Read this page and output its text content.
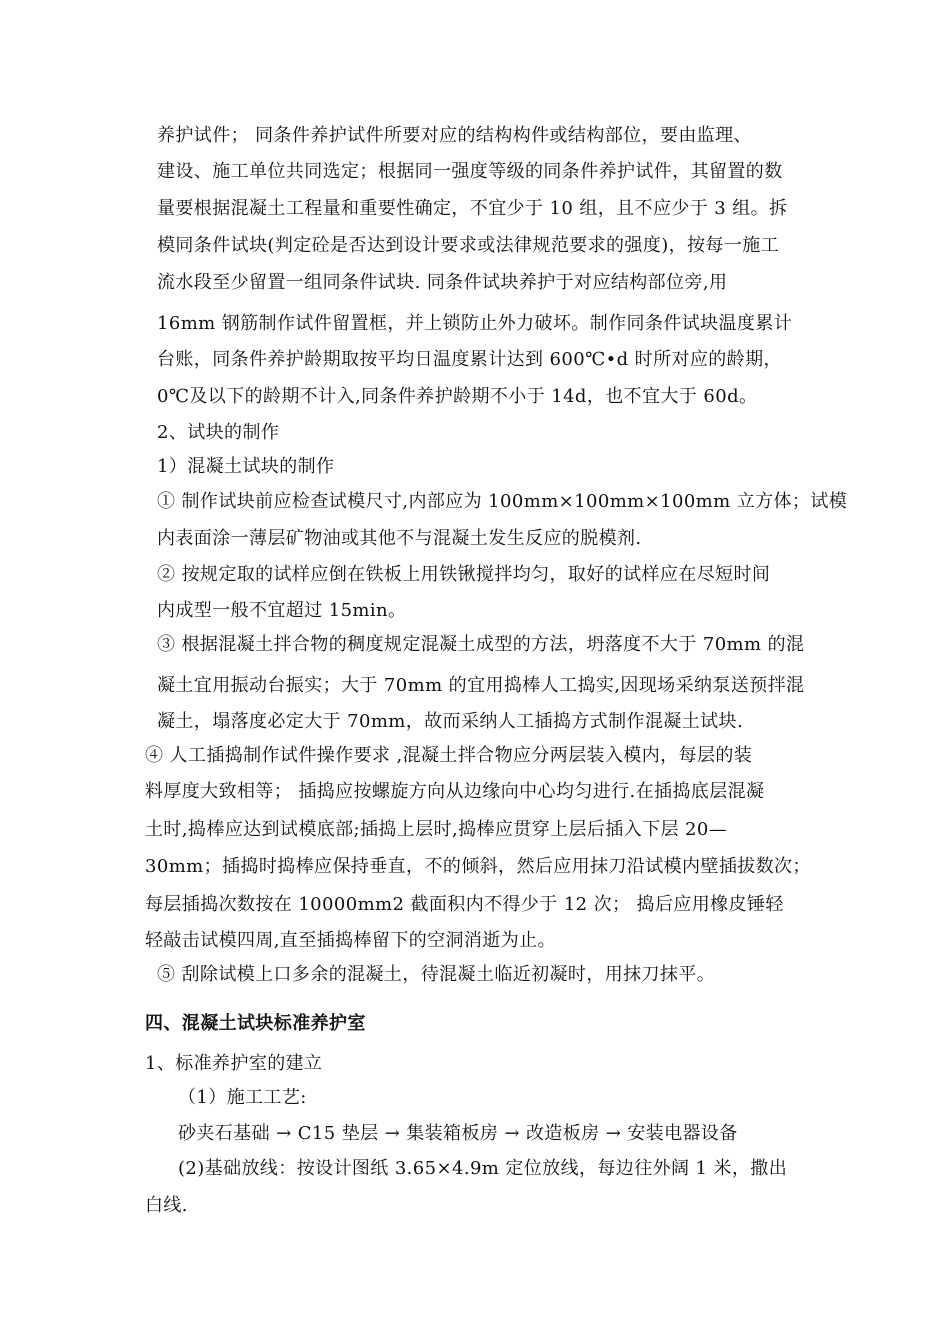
养护试件； 同条件养护试件所要对应的结构构件或结构部位，要由监理、
建设、施工单位共同选定；根据同一强度等级的同条件养护试件，其留置的数
量要根据混凝土工程量和重要性确定，不宜少于 10 组，且不应少于 3 组。拆
模同条件试块(判定砼是否达到设计要求或法律规范要求的强度)，按每一施工
流水段至少留置一组同条件试块. 同条件试块养护于对应结构部位旁,用
16mm 钢筋制作试件留置框，并上锁防止外力破坏。制作同条件试块温度累计
台账，同条件养护龄期取按平均日温度累计达到 600℃•d 时所对应的龄期，
0℃及以下的龄期不计入,同条件养护龄期不小于 14d，也不宜大于 60d。
2、试块的制作
1）混凝土试块的制作
① 制作试块前应检查试模尺寸,内部应为 100mm×100mm×100mm 立方体；试模
内表面涂一薄层矿物油或其他不与混凝土发生反应的脱模剂.
② 按规定取的试样应倒在铁板上用铁锹搅拌均匀，取好的试样应在尽短时间
内成型一般不宜超过 15min。
③ 根据混凝土拌合物的稠度规定混凝土成型的方法，坍落度不大于 70mm 的混
凝土宜用振动台振实；大于 70mm 的宜用捣棒人工捣实,因现场采纳泵送预拌混
凝土，塌落度必定大于 70mm，故而采纳人工插捣方式制作混凝土试块.
④ 人工插捣制作试件操作要求 ,混凝土拌合物应分两层装入模内，每层的装
料厚度大致相等； 插捣应按螺旋方向从边缘向中心均匀进行.在插捣底层混凝
土时,捣棒应达到试模底部;插捣上层时,捣棒应贯穿上层后插入下层 20—
30mm；插捣时捣棒应保持垂直，不的倾斜，然后应用抹刀沿试模内壁插拔数次；
每层插捣次数按在 10000mm2 截面积内不得少于 12 次； 捣后应用橡皮锤轻
轻敲击试模四周,直至插捣棒留下的空洞消逝为止。
⑤ 刮除试模上口多余的混凝土，待混凝土临近初凝时，用抹刀抹平。
四、混凝土试块标准养护室
1、标准养护室的建立
（1）施工工艺:
砂夹石基础 → C15 垫层 → 集装箱板房 → 改造板房 → 安装电器设备
(2)基础放线：按设计图纸 3.65×4.9m 定位放线，每边往外阔 1 米，撒出
白线.
